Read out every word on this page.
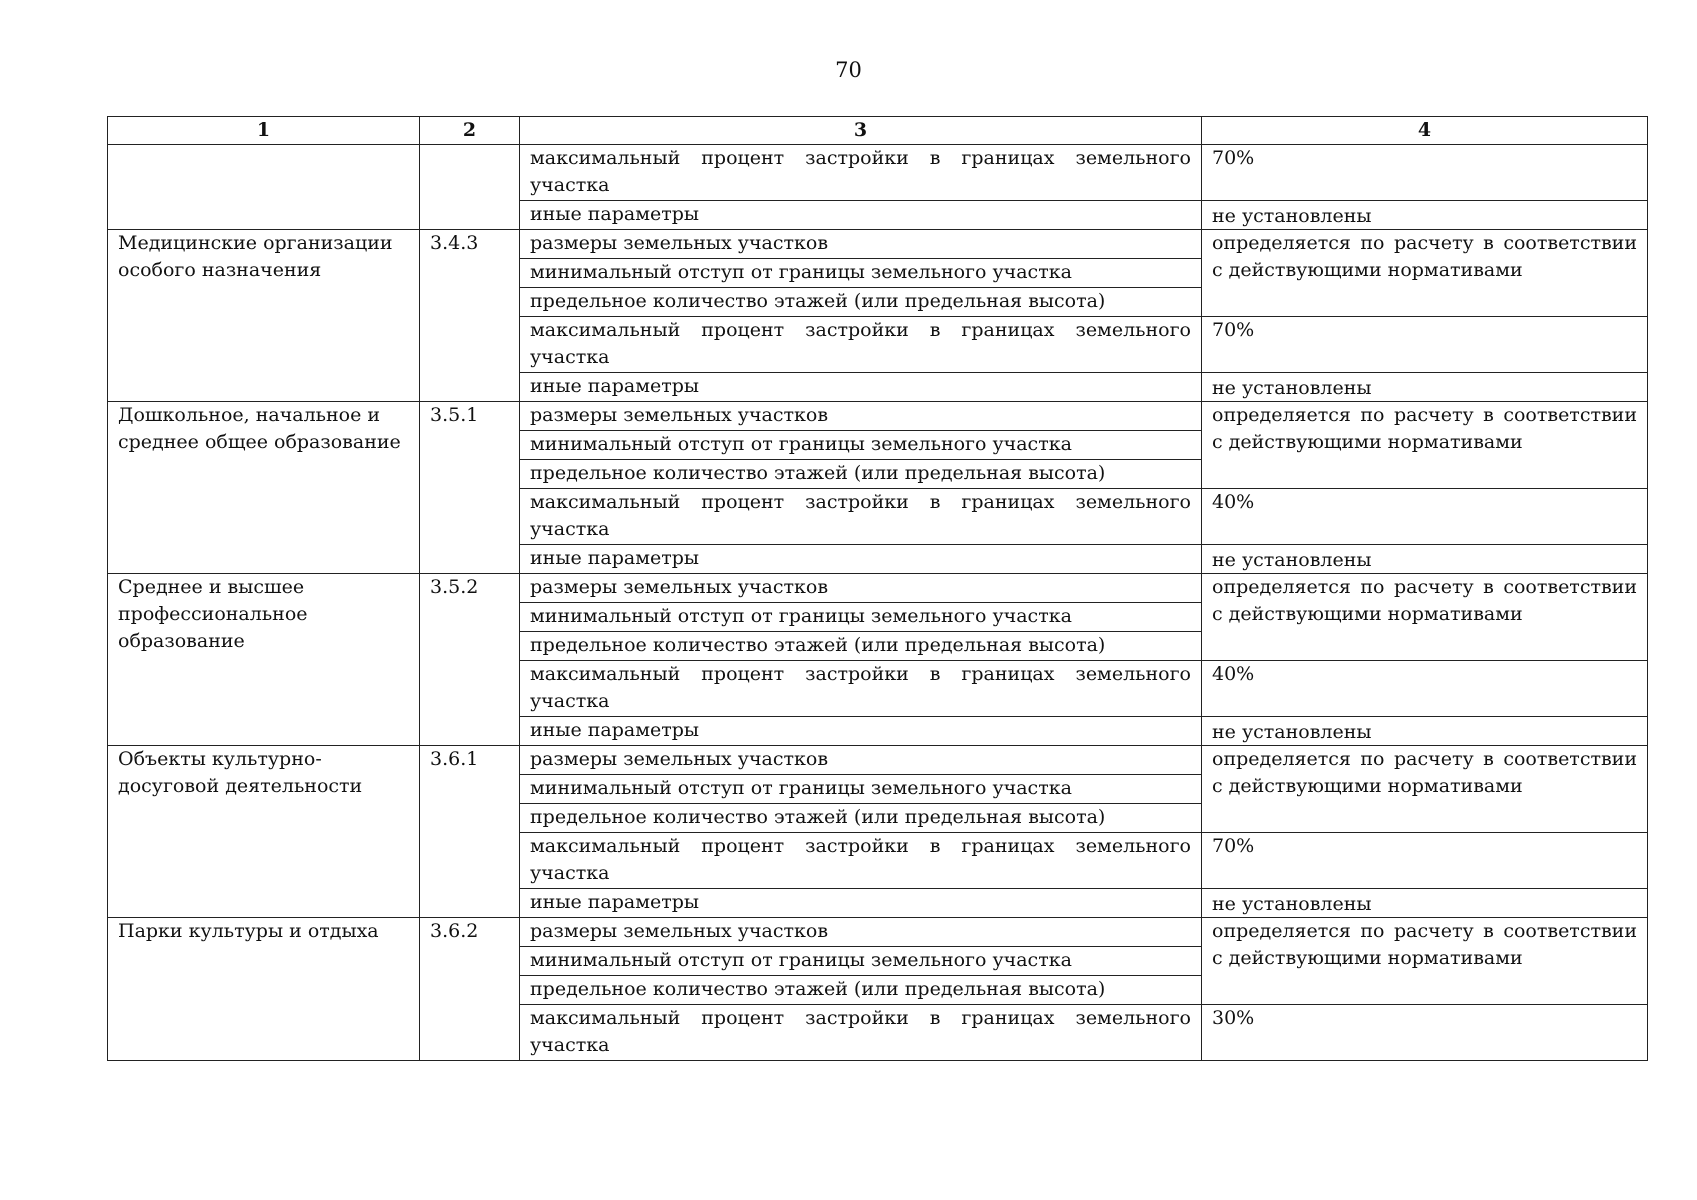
70
1	2	3	4
		максимальный процент застройки в границах земельного участка	70%
		иные параметры	не установлены
Медицинские организации особого назначения	3.4.3	размеры земельных участков	определяется по расчету в соответствии с действующими нормативами
		минимальный отступ от границы земельного участка	
		предельное количество этажей (или предельная высота)	
		максимальный процент застройки в границах земельного участка	70%
		иные параметры	не установлены
Дошкольное, начальное и среднее общее образование	3.5.1	размеры земельных участков	определяется по расчету в соответствии с действующими нормативами
		минимальный отступ от границы земельного участка	
		предельное количество этажей (или предельная высота)	
		максимальный процент застройки в границах земельного участка	40%
		иные параметры	не установлены
Среднее и высшее профессиональное образование	3.5.2	размеры земельных участков	определяется по расчету в соответствии с действующими нормативами
		минимальный отступ от границы земельного участка	
		предельное количество этажей (или предельная высота)	
		максимальный процент застройки в границах земельного участка	40%
		иные параметры	не установлены
Объекты культурно-досуговой деятельности	3.6.1	размеры земельных участков	определяется по расчету в соответствии с действующими нормативами
		минимальный отступ от границы земельного участка	
		предельное количество этажей (или предельная высота)	
		максимальный процент застройки в границах земельного участка	70%
		иные параметры	не установлены
Парки культуры и отдыха	3.6.2	размеры земельных участков	определяется по расчету в соответствии с действующими нормативами
		минимальный отступ от границы земельного участка	
		предельное количество этажей (или предельная высота)	
		максимальный процент застройки в границах земельного участка	30%
